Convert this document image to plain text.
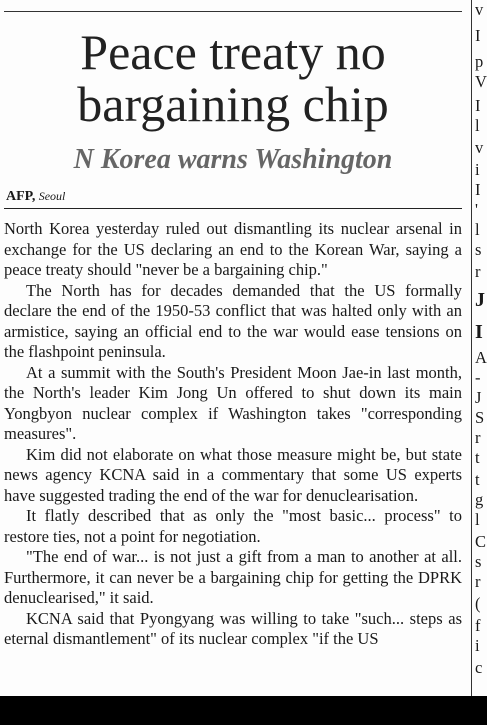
Peace treaty no bargaining chip
N Korea warns Washington
AFP, Seoul

North Korea yesterday ruled out dismantling its nuclear arsenal in exchange for the US declaring an end to the Korean War, saying a peace treaty should "never be a bargaining chip."

The North has for decades demanded that the US formally declare the end of the 1950-53 conflict that was halted only with an armistice, saying an official end to the war would ease tensions on the flashpoint peninsula.

At a summit with the South's President Moon Jae-in last month, the North's leader Kim Jong Un offered to shut down its main Yongbyon nuclear complex if Washington takes "corresponding measures".

Kim did not elaborate on what those measure might be, but state news agency KCNA said in a commentary that some US experts have suggested trading the end of the war for denuclearisation.

It flatly described that as only the "most basic... process" to restore ties, not a point for negotiation.

"The end of war... is not just a gift from a man to another at all. Furthermore, it can never be a bargaining chip for getting the DPRK denuclearised," it said.

KCNA said that Pyongyang was willing to take "such... steps as eternal dismantlement" of its nuclear complex "if the US

v
I
p
V
I
l
v
i
I
'
l
s
r
J
I
A
-
J
S
r
t
t
g
l
C
s
r
(
f
i
c
